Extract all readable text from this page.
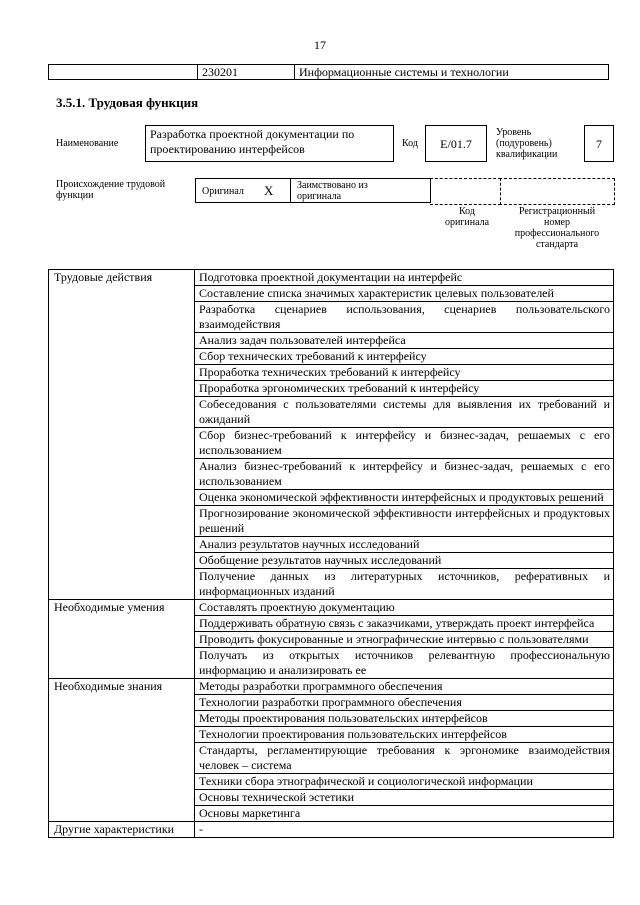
17
	230201	Информационные системы и технологии
3.5.1. Трудовая функция
Наименование
Разработка проектной документации по проектированию интерфейсов	Код	E/01.7
Уровень (подуровень) квалификации
7
Происхождение трудовой функции	Оригинал X Заимствовано из оригинала
Код оригинала
Регистрационный номер профессионального стандарта
Трудовые действия	Подготовка проектной документации на интерфейс
	Составление списка значимых характеристик целевых пользователей
	Разработка сценариев использования, сценариев пользовательского взаимодействия
	Анализ задач пользователей интерфейса
	Сбор технических требований к интерфейсу
	Проработка технических требований к интерфейсу
	Проработка эргономических требований к интерфейсу
	Собеседования с пользователями системы для выявления их требований и ожиданий
	Сбор бизнес-требований к интерфейсу и бизнес-задач, решаемых с его использованием
	Анализ бизнес-требований к интерфейсу и бизнес-задач, решаемых с его использованием
	Оценка экономической эффективности интерфейсных и продуктовых решений
	Прогнозирование экономической эффективности интерфейсных и продуктовых решений
	Анализ результатов научных исследований
	Обобщение результатов научных исследований
	Получение данных из литературных источников, реферативных и информационных изданий
Необходимые умения	Составлять проектную документацию
	Поддерживать обратную связь с заказчиками, утверждать проект интерфейса
	Проводить фокусированные и этнографические интервью с пользователями
	Получать из открытых источников релевантную профессиональную информацию и анализировать ее
Необходимые знания	Методы разработки программного обеспечения
	Технологии разработки программного обеспечения
	Методы проектирования пользовательских интерфейсов
	Технологии проектирования пользовательских интерфейсов
	Стандарты, регламентирующие требования к эргономике взаимодействия человек – система
	Техники сбора этнографической и социологической информации
	Основы технической эстетики
	Основы маркетинга
Другие характеристики	-
